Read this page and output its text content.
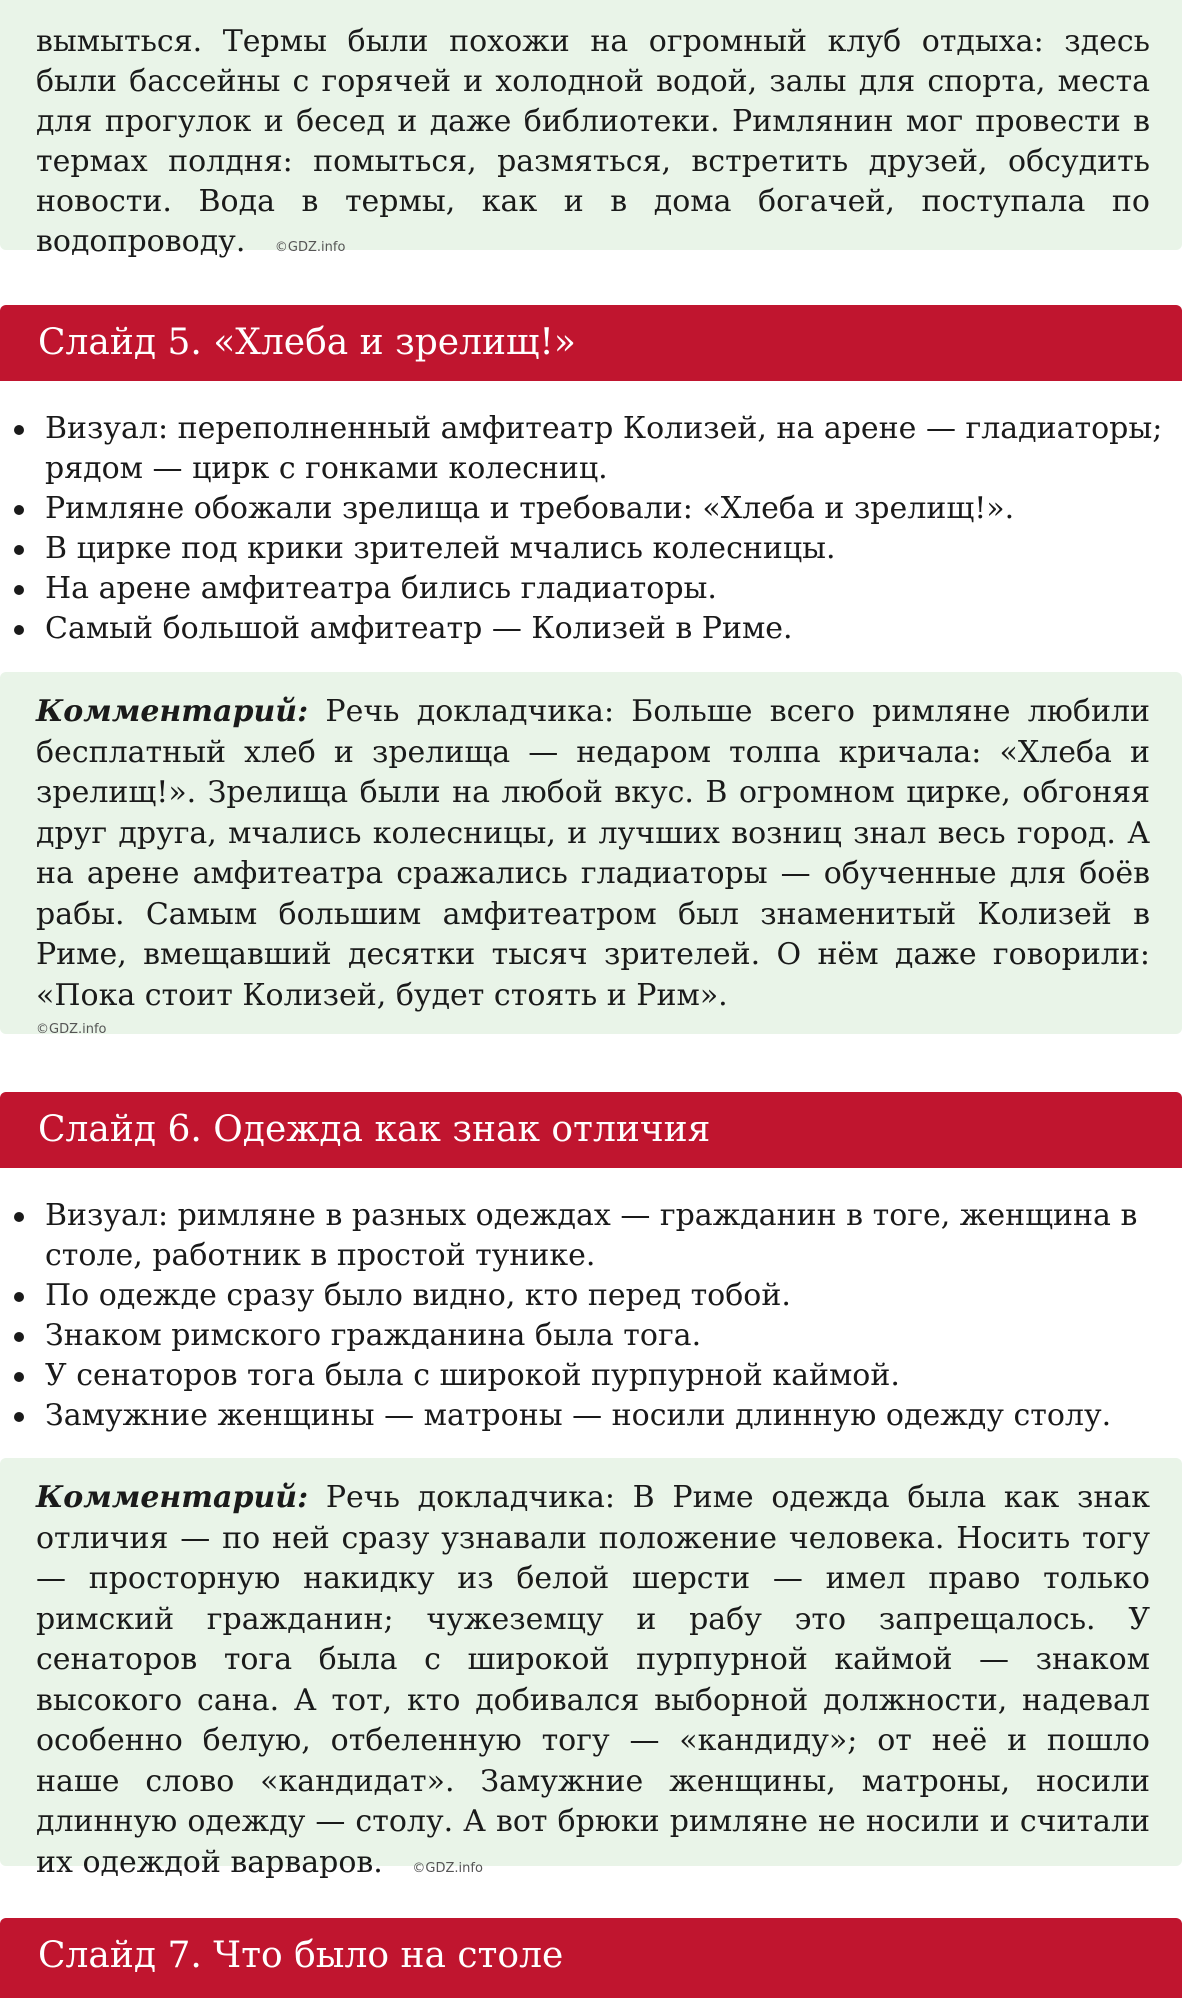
вымыться. Термы были похожи на огромный клуб отдыха: здесь были бассейны с горячей и холодной водой, залы для спорта, места для прогулок и бесед и даже библиотеки. Римлянин мог провести в термах полдня: помыться, размяться, встретить друзей, обсудить новости. Вода в термы, как и в дома богачей, поступала по водопроводу. ©GDZ.info

Слайд 5. «Хлеба и зрелищ!»
Визуал: переполненный амфитеатр Колизей, на арене — гладиаторы; рядом — цирк с гонками колесниц.
Римляне обожали зрелища и требовали: «Хлеба и зрелищ!».
В цирке под крики зрителей мчались колесницы.
На арене амфитеатра бились гладиаторы.
Самый большой амфитеатр — Колизей в Риме.

Комментарий: Речь докладчика: Больше всего римляне любили бесплатный хлеб и зрелища — недаром толпа кричала: «Хлеба и зрелищ!». Зрелища были на любой вкус. В огромном цирке, обгоняя друг друга, мчались колесницы, и лучших возниц знал весь город. А на арене амфитеатра сражались гладиаторы — обученные для боёв рабы. Самым большим амфитеатром был знаменитый Колизей в Риме, вмещавший десятки тысяч зрителей. О нём даже говорили: «Пока стоит Колизей, будет стоять и Рим».

©GDZ.info
Слайд 6. Одежда как знак отличия
Визуал: римляне в разных одеждах — гражданин в тоге, женщина в столе, работник в простой тунике.
По одежде сразу было видно, кто перед тобой.
Знаком римского гражданина была тога.
У сенаторов тога была с широкой пурпурной каймой.
Замужние женщины — матроны — носили длинную одежду столу.

Комментарий: Речь докладчика: В Риме одежда была как знак отличия — по ней сразу узнавали положение человека. Носить тогу — просторную накидку из белой шерсти — имел право только римский гражданин; чужеземцу и рабу это запрещалось. У сенаторов тога была с широкой пурпурной каймой — знаком высокого сана. А тот, кто добивался выборной должности, надевал особенно белую, отбеленную тогу — «кандиду»; от неё и пошло наше слово «кандидат». Замужние женщины, матроны, носили длинную одежду — столу. А вот брюки римляне не носили и считали их одеждой варваров. ©GDZ.info

Слайд 7. Что было на столе
